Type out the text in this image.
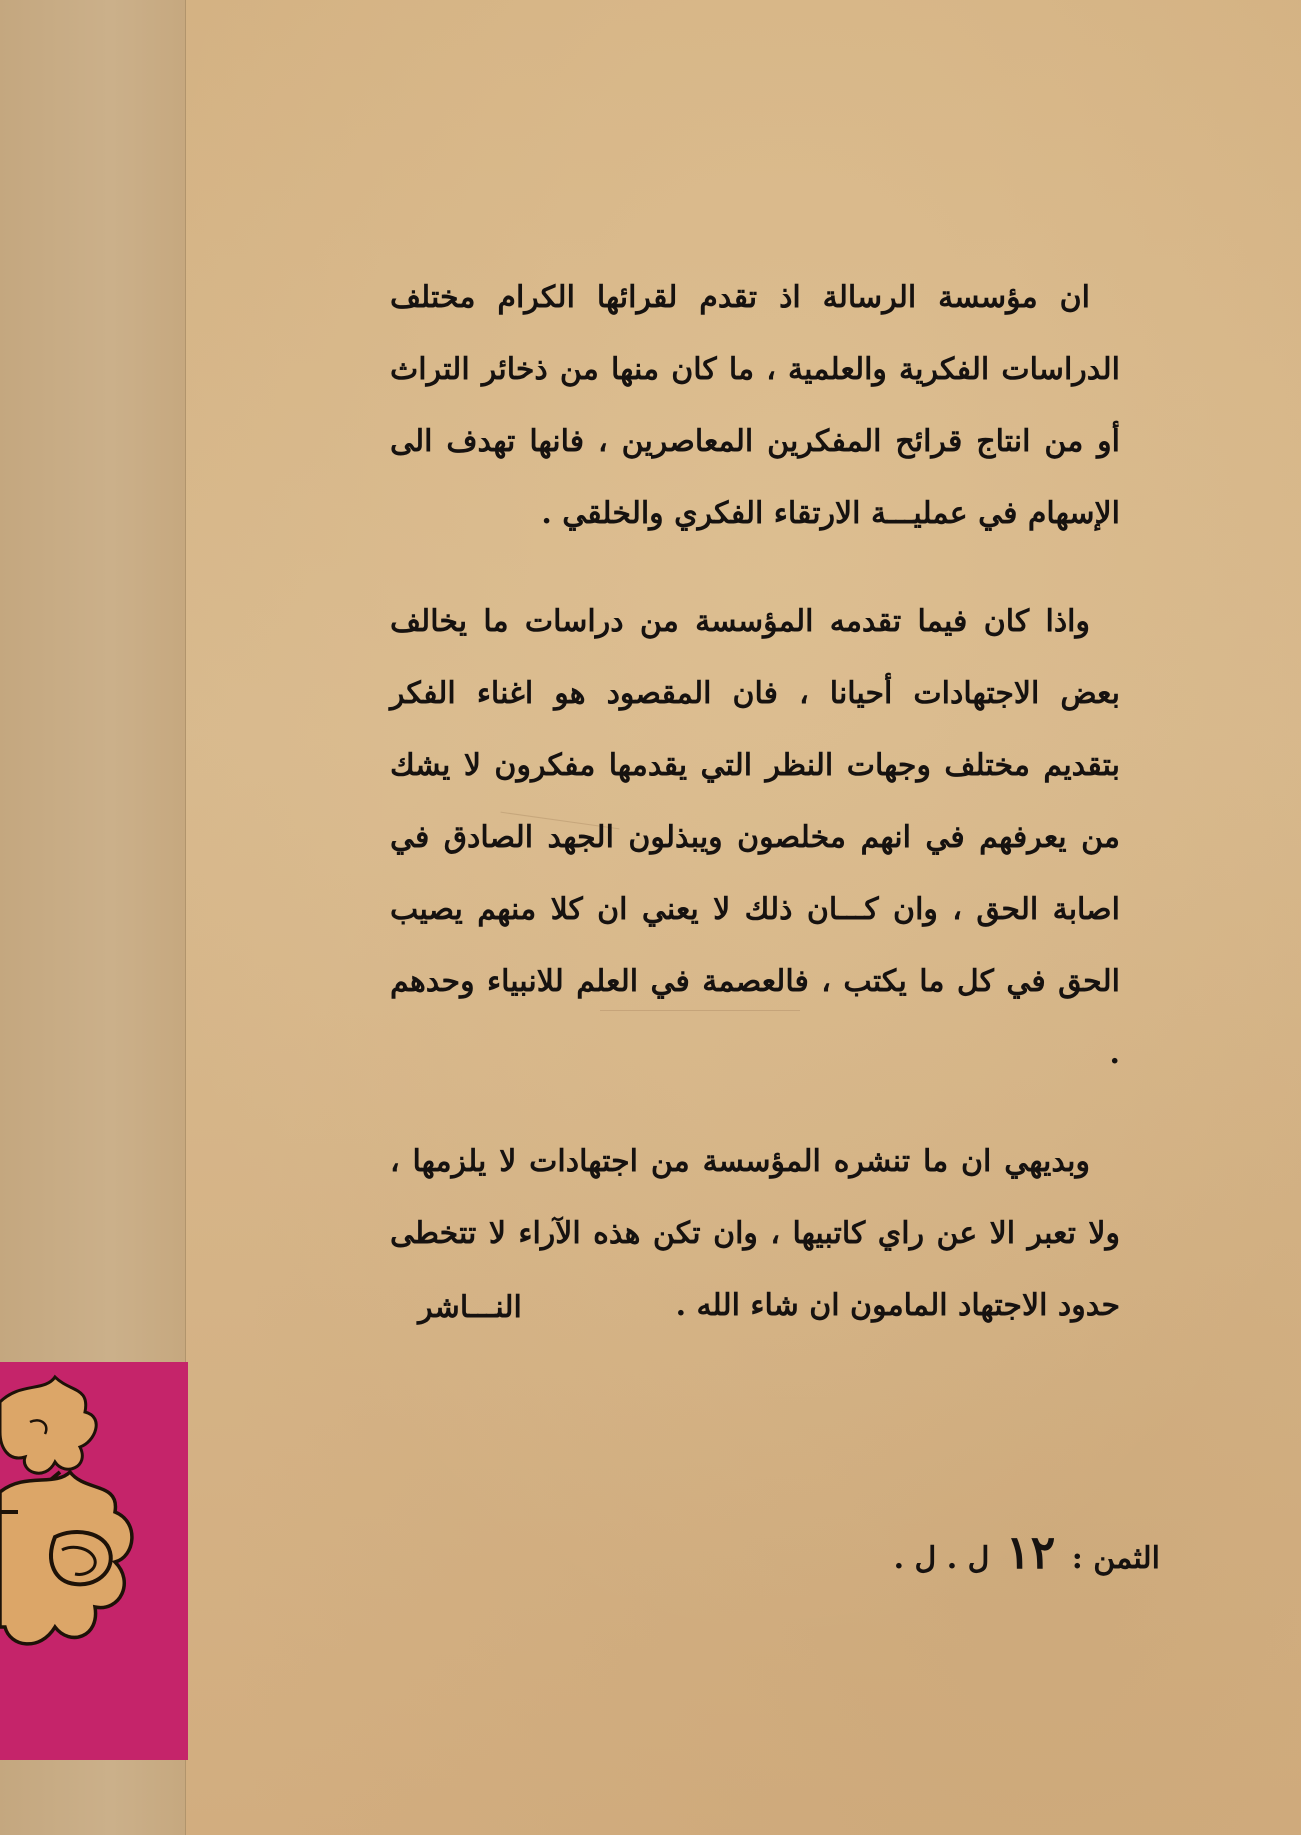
ان مؤسسة الرسالة اذ تقدم لقرائها الكرام مختلف الدراسات الفكرية والعلمية ، ما كان منها من ذخائر التراث أو من انتاج قرائح المفكرين المعاصرين ، فانها تهدف الى الإسهام في عمليـــة الارتقاء الفكري والخلقي .

واذا كان فيما تقدمه المؤسسة من دراسات ما يخالف بعض الاجتهادات أحيانا ، فان المقصود هو اغناء الفكر بتقديم مختلف وجهات النظر التي يقدمها مفكرون لا يشك من يعرفهم في انهم مخلصون ويبذلون الجهد الصادق في اصابة الحق ، وان كـــان ذلك لا يعني ان كلا منهم يصيب الحق في كل ما يكتب ، فالعصمة في العلم للانبياء وحدهم .

وبديهي ان ما تنشره المؤسسة من اجتهادات لا يلزمها ، ولا تعبر الا عن راي كاتبيها ، وان تكن هذه الآراء لا تتخطى حدود الاجتهاد المامون ان شاء الله .

النـــاشر
الثمن : ١٢ ل . ل .
